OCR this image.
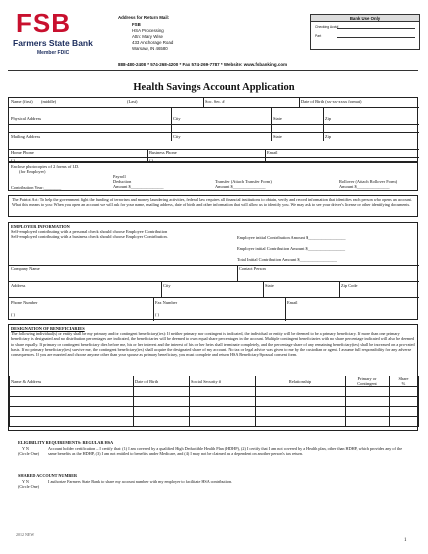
FSB
Farmers State Bank
Member FDIC
Address for Return Mail:
FSB
HSA Processing
Attn: Mary Wise
433 Anchorage Road
Warsaw, IN 46580
Bank Use Only
Checking Acct#
Part
888-480-2408 * 574-268-4200 * Fax 574-269-7787 * Website: www.fsbanking.com
Health Savings Account Application
Name (first) (middle)	(Last)	Soc. Sec. #	Date of Birth (xx-xx-xxxx format)
Physical Address	City	State	Zip
Mailing Address	City	State	Zip
Home Phone	Business Phone	Email
( )	( )
Enclose photocopies of 2 forms of I.D.
(for Employer)
Payroll
Deduction
Amount $_______________
Transfer (Attach Transfer Form)
Amount $_______________
Rollover (Attach Rollover Form)
Amount $_______________
Contribution Year:________
The Patriot Act: To help the government fight the funding of terrorism and money laundering activities, federal law requires all financial institutions to obtain, verify and record information that identifies each person who opens an account. What this means to you: When you open an account we will ask for your name, mailing address, date of birth and other information that will allow us to identify you. We may ask to see your driver's license or other identifying documents.
EMPLOYER INFORMATION
Self-employed contributing with a personal check should choose Employee Contribution
Self-employed contributing with a business check should choose Employer Contribution.	Employee initial Contribution Amount $_________________
Employer initial Contribution Amount $_________________
Total Initial Contribution Amount $_________________
Company Name	Contact Person
Address	City	State	Zip Code
Phone Number	Fax Number	Email
( )	( )
DESIGNATION OF BENEFICIARIES
The following individual(s) or entity shall be my primary and/or contingent beneficiary(ies): If neither primary nor contingent is indicated, the individual or entity will be deemed to be a primary beneficiary. If more than one primary beneficiary is designated and no distribution percentages are indicated, the beneficiaries will be deemed to own equal share percentages in the account. Multiple contingent beneficiaries with no share percentage indicated will also be deemed to share equally. If primary or contingent beneficiary dies before me, his or her interest and the interest of his or her heirs shall terminate completely, and the percentage share of any remaining beneficiary(ies) shall be increased on a pro-rated basis. If no primary beneficiary(ies) survive me, the contingent beneficiary(ies) shall acquire the designated share of my account. No tax or legal advice was given to me by the custodian or agent. I assume full responsibility for any adverse consequences. If you are married and choose anyone other than your spouse as primary beneficiary, you must complete and return HSA Beneficiary/Spousal consent form.
Name & Address	Date of Birth	Social Security #	Relationship	Primary or
Contingent	Share
%

ELIGIBILITY REQUIREMENTS: REGULAR HSA
Y N
(Circle One)
Account holder certification – I certify that: (1) I am covered by a qualified High Deductible Health Plan (HDHP), (2) I certify that I am not covered by a Health plan, other than HDHP, which provides any of the same benefits as the HDHP, (3) I am not entitled to benefits under Medicare, and (4) I may not be claimed as a dependent on another person's tax return.
SHARED ACCOUNT NUMBER
Y N
(Circle One)
I authorize Farmers State Bank to share my account number with my employer to facilitate HSA contribution.
2012 NEW
1
